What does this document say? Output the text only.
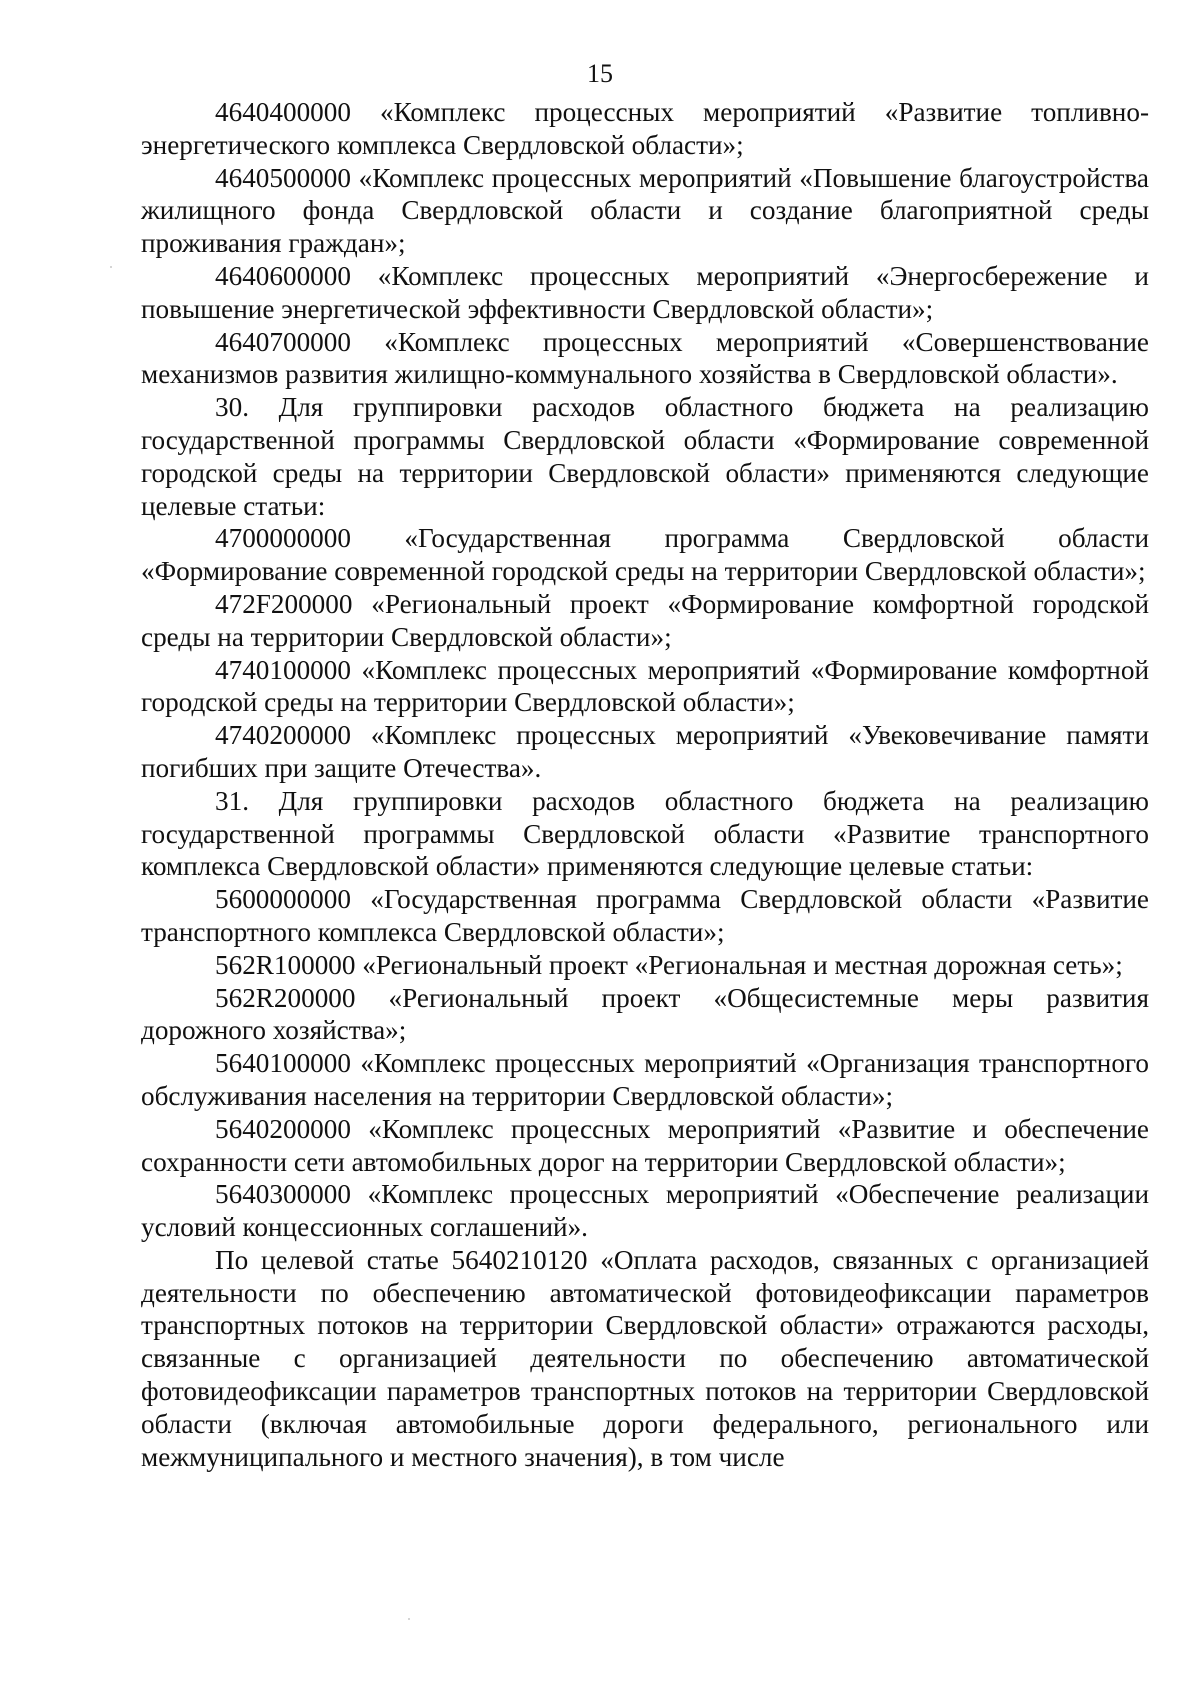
15

4640400000 «Комплекс процессных мероприятий «Развитие топливно-энергетического комплекса Свердловской области»;

4640500000 «Комплекс процессных мероприятий «Повышение благоустройства жилищного фонда Свердловской области и создание благоприятной среды проживания граждан»;

4640600000 «Комплекс процессных мероприятий «Энергосбережение и повышение энергетической эффективности Свердловской области»;

4640700000 «Комплекс процессных мероприятий «Совершенствование механизмов развития жилищно-коммунального хозяйства в Свердловской области».

30. Для группировки расходов областного бюджета на реализацию государственной программы Свердловской области «Формирование современной городской среды на территории Свердловской области» применяются следующие целевые статьи:

4700000000 «Государственная программа Свердловской области «Формирование современной городской среды на территории Свердловской области»;

472F200000 «Региональный проект «Формирование комфортной городской среды на территории Свердловской области»;

4740100000 «Комплекс процессных мероприятий «Формирование комфортной городской среды на территории Свердловской области»;

4740200000 «Комплекс процессных мероприятий «Увековечивание памяти погибших при защите Отечества».

31. Для группировки расходов областного бюджета на реализацию государственной программы Свердловской области «Развитие транспортного комплекса Свердловской области» применяются следующие целевые статьи:

5600000000 «Государственная программа Свердловской области «Развитие транспортного комплекса Свердловской области»;

562R100000 «Региональный проект «Региональная и местная дорожная сеть»;

562R200000 «Региональный проект «Общесистемные меры развития дорожного хозяйства»;

5640100000 «Комплекс процессных мероприятий «Организация транспортного обслуживания населения на территории Свердловской области»;

5640200000 «Комплекс процессных мероприятий «Развитие и обеспечение сохранности сети автомобильных дорог на территории Свердловской области»;

5640300000 «Комплекс процессных мероприятий «Обеспечение реализации условий концессионных соглашений».

По целевой статье 5640210120 «Оплата расходов, связанных с организацией деятельности по обеспечению автоматической фотовидеофиксации параметров транспортных потоков на территории Свердловской области» отражаются расходы, связанные с организацией деятельности по обеспечению автоматической фотовидеофиксации параметров транспортных потоков на территории Свердловской области (включая автомобильные дороги федерального, регионального или межмуниципального и местного значения), в том числе
